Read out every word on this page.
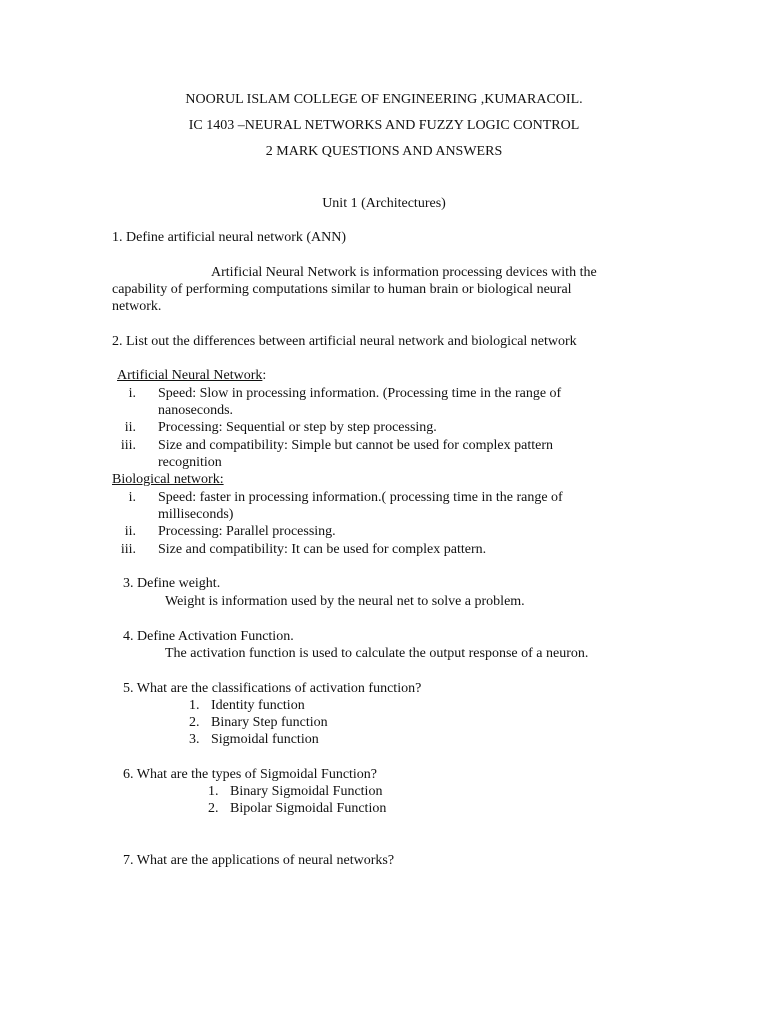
NOORUL ISLAM COLLEGE OF ENGINEERING ,KUMARACOIL.
IC 1403 –NEURAL NETWORKS AND FUZZY LOGIC CONTROL
2 MARK QUESTIONS AND ANSWERS
Unit 1 (Architectures)
1. Define artificial neural network (ANN)
Artificial Neural Network is information processing devices with the
capability of performing computations similar to human brain or biological neural
network.
2. List out the differences between artificial neural network and biological network
Artificial Neural Network:
i. Speed: Slow in processing information. (Processing time in the range of
nanoseconds.
ii. Processing: Sequential or step by step processing.
iii. Size and compatibility: Simple but cannot be used for complex pattern
recognition
Biological network:
i. Speed: faster in processing information.( processing time in the range of
milliseconds)
ii. Processing: Parallel processing.
iii. Size and compatibility: It can be used for complex pattern.
3. Define weight.
Weight is information used by the neural net to solve a problem.
4. Define Activation Function.
The activation function is used to calculate the output response of a neuron.
5. What are the classifications of activation function?
1. Identity function
2. Binary Step function
3. Sigmoidal function
6. What are the types of Sigmoidal Function?
1. Binary Sigmoidal Function
2. Bipolar Sigmoidal Function
7. What are the applications of neural networks?
